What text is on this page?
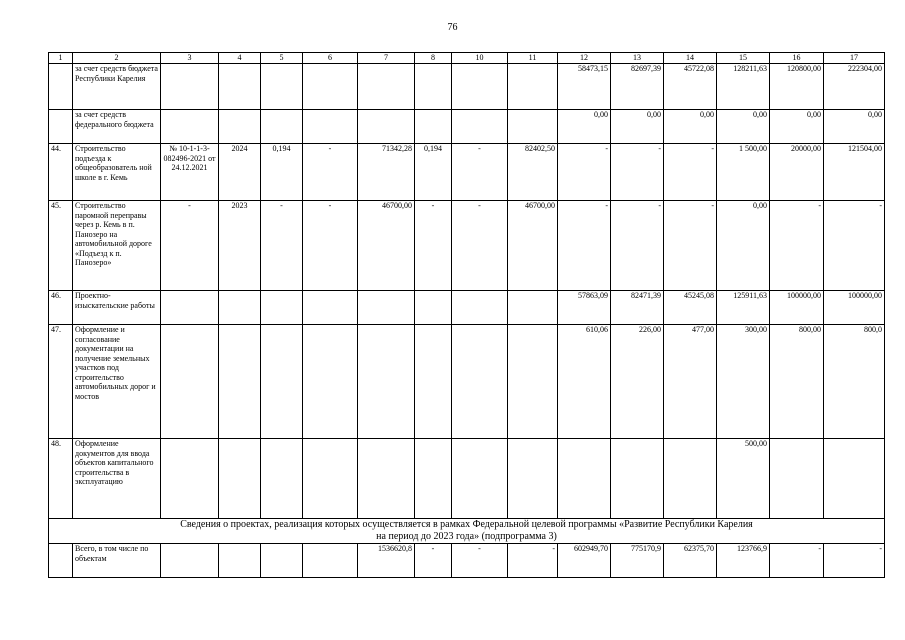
76
1	2	3	4	5	6	7	8	10	11	12	13	14	15	16	17
	за счет средств бюджета Республики Карелия									58473,15	82697,39	45722,08	128211,63	120800,00	222304,00
	за счет средств федерального бюджета									0,00	0,00	0,00	0,00	0,00	0,00
44.	Строительство подъезда к общеобразователь ной школе в г. Кемь	№ 10-1-1-3-082496-2021 от 24.12.2021	2024	0,194	-	71342,28	0,194	-	82402,50	-	-	-	1 500,00	20000,00	121504,00
45.	Строительство паромной переправы через р. Кемь в п. Панозеро на автомобильной дороге «Подъезд к п. Панозеро»	-	2023	-	-	46700,00	-	-	46700,00	-	-	-	0,00	-	-
46.	Проектно-изыскательские работы									57863,09	82471,39	45245,08	125911,63	100000,00	100000,00
47.	Оформление и согласование документации на получение земельных участков под строительство автомобильных дорог и мостов									610,06	226,00	477,00	300,00	800,00	800,0
48.	Оформление документов для ввода объектов капитального строительства в эксплуатацию												500,00		

Сведения о проектах, реализация которых осуществляется в рамках Федеральной целевой программы «Развитие Республики Карелия
на период до 2023 года» (подпрограмма 3)															

	Всего, в том числе по объектам					1536620,8	-	-	-	602949,70	775170,9	62375,70	123766,9	-	-
